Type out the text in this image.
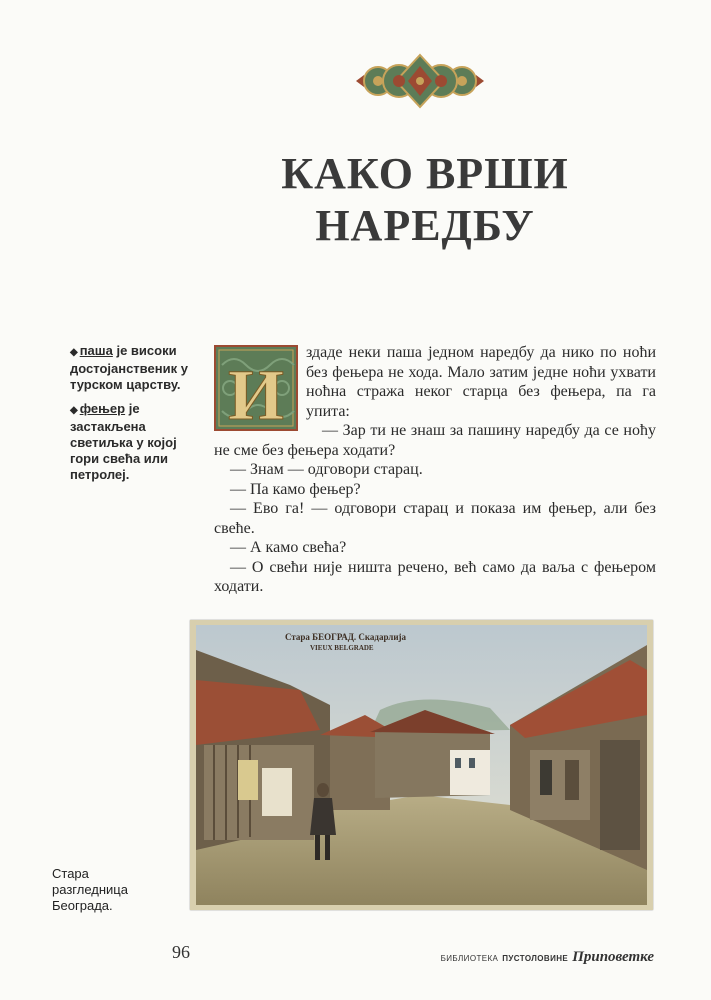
КАКО ВРШИ
НАРЕДБУ

◆ паша је високи достојанственик у турском царству.

◆ фењер је застакљена светиљка у којој гори свећа или петролеј.

И

здаде неки паша једном наредбу да нико по ноћи без фењера не хода. Мало затим једне ноћи ухвати ноћна стража неког старца без фењера, па га упита:

— Зар ти не знаш за пашину наредбу да се ноћу не сме без фењера ходати?

— Знам — одговори старац.

— Па камо фењер?

— Ево га! — одговори старац и показа им фењер, али без свеће.

— А камо свећа?

— О свећи није ништа речено, већ само да ваља с фењером ходати.

Стара БЕОГРАД. Скадарлија
VIEUX BELGRADE

Стара разгледница Београда.

96	БИБЛИОТЕКА ПУСТОЛОВИНЕ Приповетке
